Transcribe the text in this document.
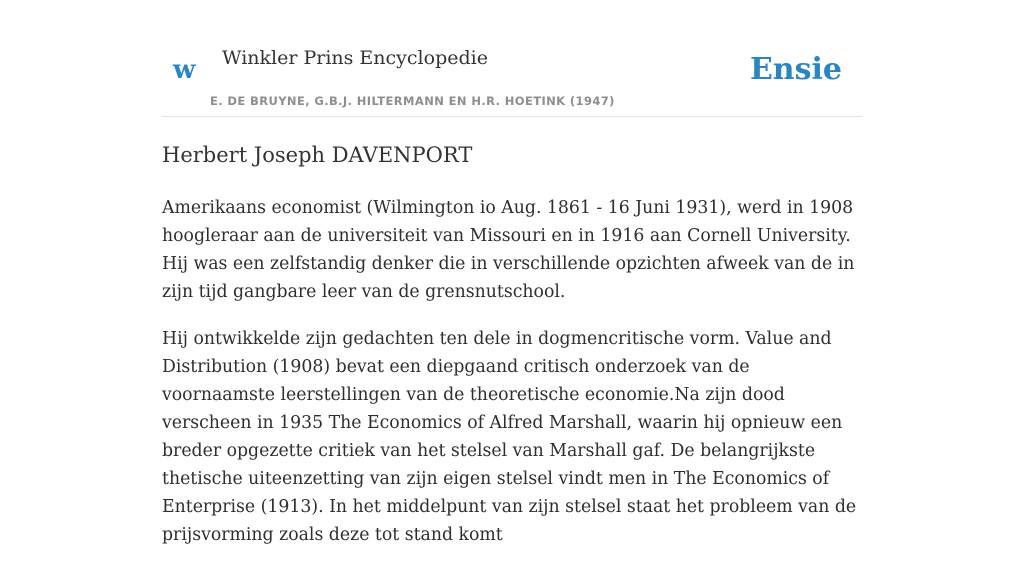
w Winkler Prins Encyclopedie
E. DE BRUYNE, G.B.J. HILTERMANN EN H.R. HOETINK (1947)
Ensie
Herbert Joseph DAVENPORT

Amerikaans economist (Wilmington io Aug. 1861 - 16 Juni 1931), werd in 1908 hoogleraar aan de universiteit van Missouri en in 1916 aan Cornell University. Hij was een zelfstandig denker die in verschillende opzichten afweek van de in zijn tijd gangbare leer van de grensnutschool.

Hij ontwikkelde zijn gedachten ten dele in dogmencritische vorm. Value and Distribution (1908) bevat een diepgaand critisch onderzoek van de voornaamste leerstellingen van de theoretische economie.Na zijn dood verscheen in 1935 The Economics of Alfred Marshall, waarin hij opnieuw een breder opgezette critiek van het stelsel van Marshall gaf. De belangrijkste thetische uiteenzetting van zijn eigen stelsel vindt men in The Economics of Enterprise (1913). In het middelpunt van zijn stelsel staat het probleem van de prijsvorming zoals deze tot stand komt
